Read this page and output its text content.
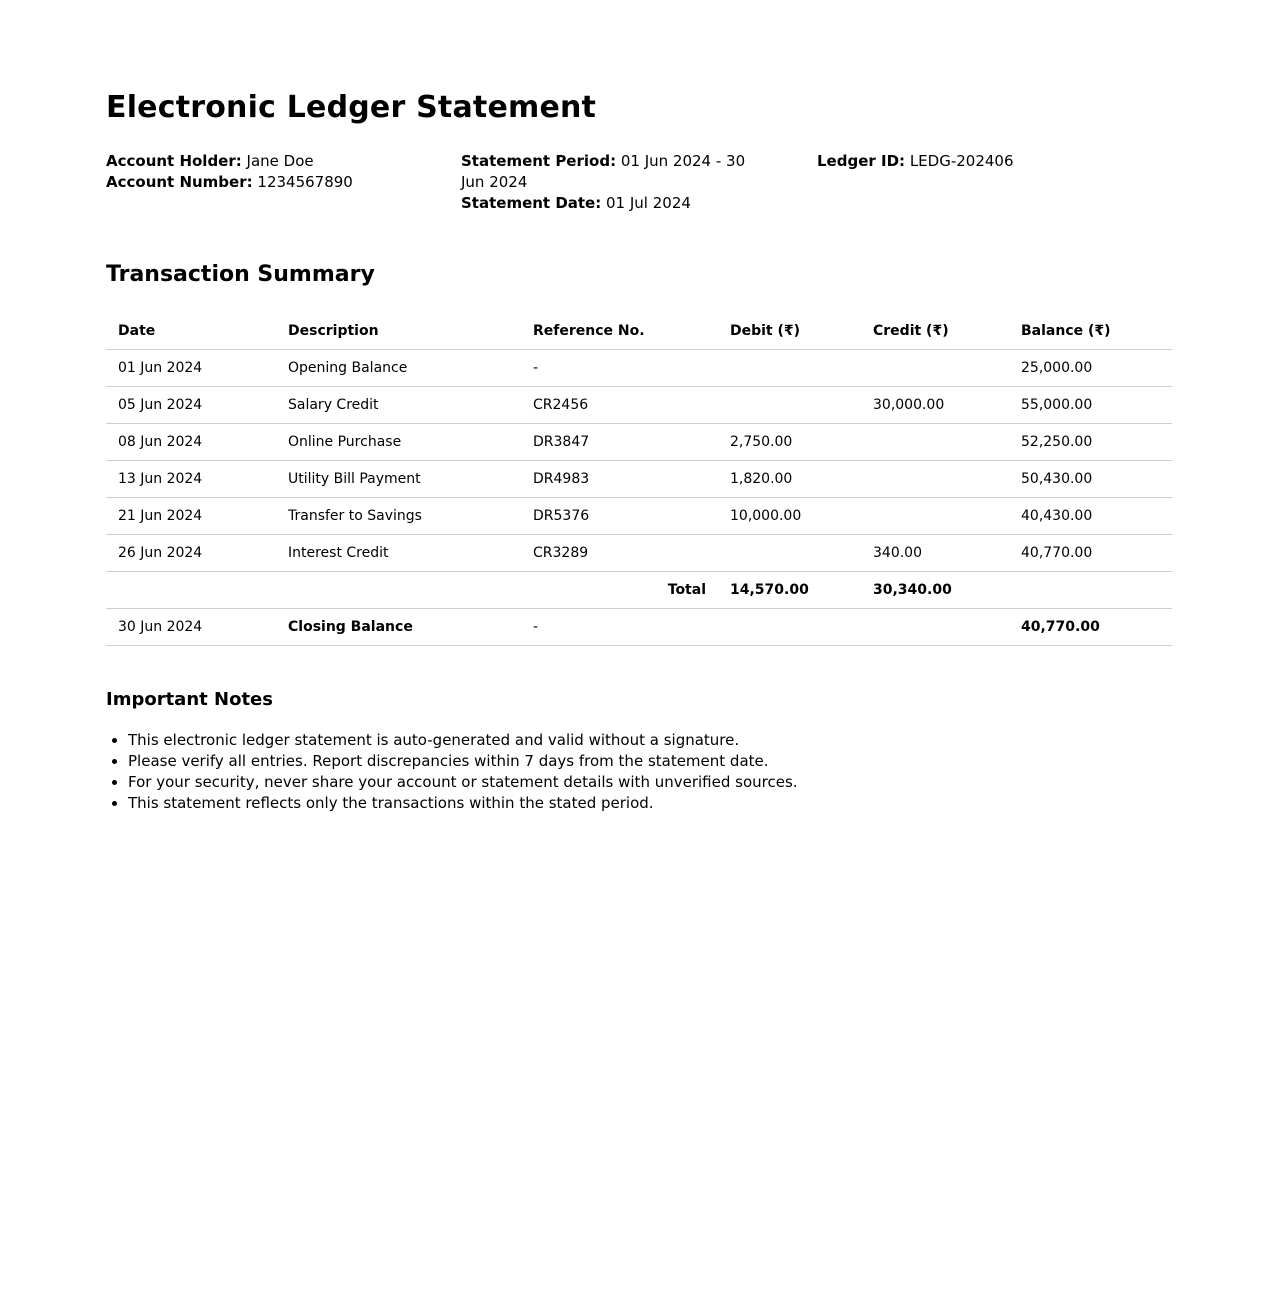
Electronic Ledger Statement
Account Holder: Jane Doe
Account Number: 1234567890
Statement Period: 01 Jun 2024 - 30 Jun 2024
Statement Date: 01 Jul 2024
Ledger ID: LEDG-202406
Transaction Summary
Date	Description	Reference No.	Debit (₹)	Credit (₹)	Balance (₹)
01 Jun 2024	Opening Balance	-			25,000.00
05 Jun 2024	Salary Credit	CR2456		30,000.00	55,000.00
08 Jun 2024	Online Purchase	DR3847	2,750.00		52,250.00
13 Jun 2024	Utility Bill Payment	DR4983	1,820.00		50,430.00
21 Jun 2024	Transfer to Savings	DR5376	10,000.00		40,430.00
26 Jun 2024	Interest Credit	CR3289		340.00	40,770.00
Total			14,570.00	30,340.00	
30 Jun 2024	Closing Balance	-			40,770.00
Important Notes
• This electronic ledger statement is auto-generated and valid without a signature.
• Please verify all entries. Report discrepancies within 7 days from the statement date.
• For your security, never share your account or statement details with unverified sources.
• This statement reflects only the transactions within the stated period.
